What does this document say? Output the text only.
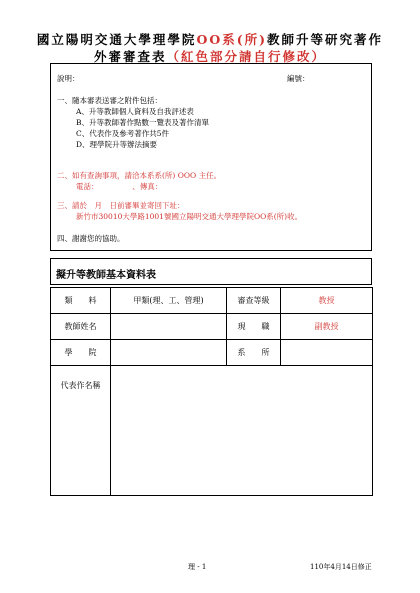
國立陽明交通大學理學院OO系(所)教師升等研究著作
外審審查表（紅色部分請自行修改）
說明：	編號：
一、隨本審表送審之附件包括：
A、升等教師個人資料及自我評述表
B、升等教師著作點數一覽表及著作清單
C、代表作及參考著作共5件
D、理學院升等辦法摘要
二、如有查詢事項，請洽本系系(所) OOO 主任。
電話：　　　　　、傳真：
三、請於　月　日前審畢並寄回下址：
新竹市30010大學路1001號國立陽明交通大學理學院OO系(所)收。
四、謝謝您的協助。
擬升等教師基本資料表
類　　料	甲類(理、工、管理)	審查等級	教授
教師姓名		現　　職	副教授
學　　院		系　　所	
代表作名稱			
理 - 1	110年4月14日修正
